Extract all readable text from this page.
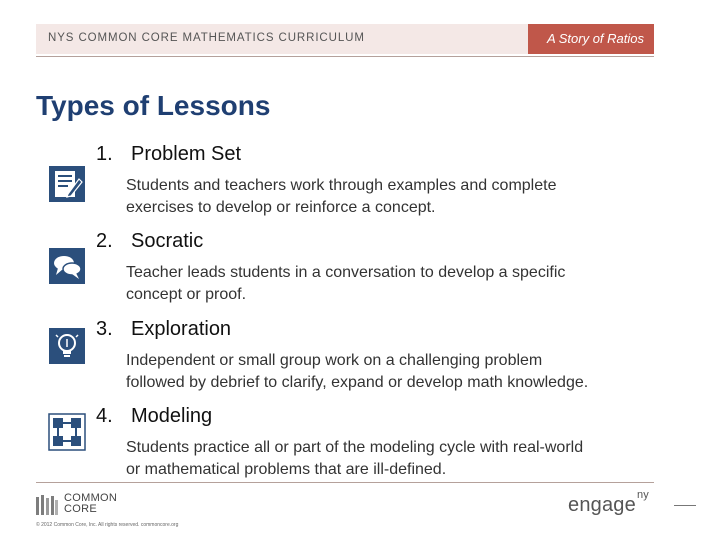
NYS COMMON CORE MATHEMATICS CURRICULUM	A Story of Ratios
Types of Lessons
1. Problem Set
Students and teachers work through examples and complete
exercises to develop or reinforce a concept.
2. Socratic
Teacher leads students in a conversation to develop a specific
concept or proof.
3. Exploration
Independent or small group work on a challenging problem
followed by debrief to clarify, expand or develop math knowledge.
4. Modeling
Students practice all or part of the modeling cycle with real-world
or mathematical problems that are ill-defined.
COMMON
CORE
© 2012 Common Core, Inc. All rights reserved. commoncore.org
engage$^{ny}$
